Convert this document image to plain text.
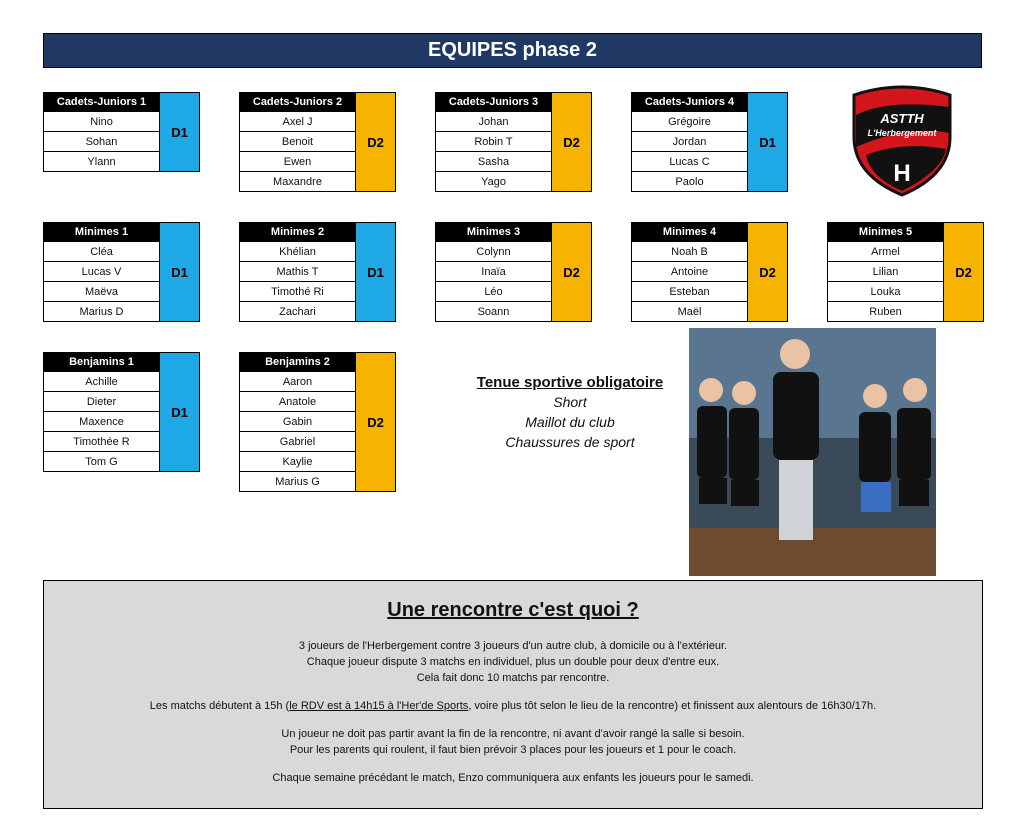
EQUIPES phase 2
Cadets-Juniors 1
Nino
Sohan
Ylann
D1
Cadets-Juniors 2
Axel J
Benoit
Ewen
Maxandre
D2
Cadets-Juniors 3
Johan
Robin T
Sasha
Yago
D2
Cadets-Juniors 4
Grégoire
Jordan
Lucas C
Paolo
D1
Minimes 1
Cléa
Lucas V
Maëva
Marius D
D1
Minimes 2
Khélian
Mathis T
Timothé Ri
Zachari
D1
Minimes 3
Colynn
Inaïa
Léo
Soann
D2
Minimes 4
Noah B
Antoine
Esteban
Maël
D2
Minimes 5
Armel
Lilian
Louka
Ruben
D2
Benjamins 1
Achille
Dieter
Maxence
Timothée R
Tom G
D1
Benjamins 2
Aaron
Anatole
Gabin
Gabriel
Kaylie
Marius G
D2
ASTTH
L'Herbergement
H
Tenue sportive obligatoire
Short
Maillot du club
Chaussures de sport
Une rencontre c'est quoi ?
3 joueurs de l'Herbergement contre 3 joueurs d'un autre club, à domicile ou à l'extérieur.
Chaque joueur dispute 3 matchs en individuel, plus un double pour deux d'entre eux.
Cela fait donc 10 matchs par rencontre.
Les matchs débutent à 15h (le RDV est à 14h15 à l'Her'de Sports, voire plus tôt selon le lieu de la rencontre) et finissent aux alentours de 16h30/17h.
Un joueur ne doit pas partir avant la fin de la rencontre, ni avant d'avoir rangé la salle si besoin.
Pour les parents qui roulent, il faut bien prévoir 3 places pour les joueurs et 1 pour le coach.
Chaque semaine précédant le match, Enzo communiquera aux enfants les joueurs pour le samedi.
